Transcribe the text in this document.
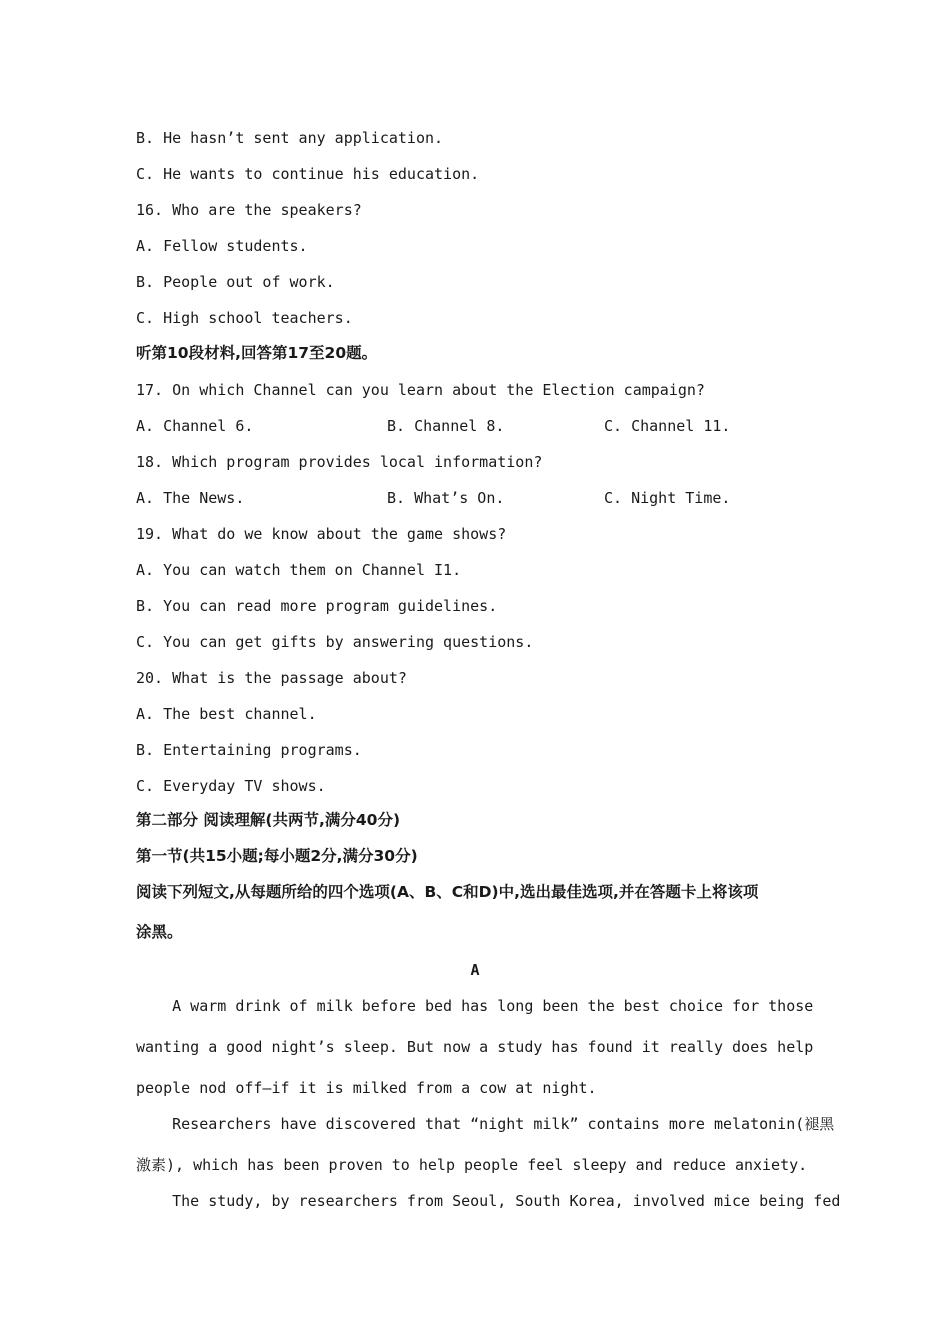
B. He hasn’t sent any application.
C. He wants to continue his education.
16. Who are the speakers?
A. Fellow students.
B. People out of work.
C. High school teachers.
听第10段材料,回答第17至20题。
17. On which Channel can you learn about the Election campaign?
A. Channel 6.	B. Channel 8.	C. Channel 11.
18. Which program provides local information?
A. The News.	B. What’s On.	C. Night Time.
19. What do we know about the game shows?
A. You can watch them on Channel I1.
B. You can read more program guidelines.
C. You can get gifts by answering questions.
20. What is the passage about?
A. The best channel.
B. Entertaining programs.
C. Everyday TV shows.
第二部分 阅读理解(共两节,满分40分)
第一节(共15小题;每小题2分,满分30分)
阅读下列短文,从每题所给的四个选项(A、B、C和D)中,选出最佳选项,并在答题卡上将该项
涂黑。
A
A warm drink of milk before bed has long been the best choice for those
wanting a good night’s sleep. But now a study has found it really does help
people nod off—if it is milked from a cow at night.
Researchers have discovered that “night milk” contains more melatonin(褪黑
激素), which has been proven to help people feel sleepy and reduce anxiety.
The study, by researchers from Seoul, South Korea, involved mice being fed
